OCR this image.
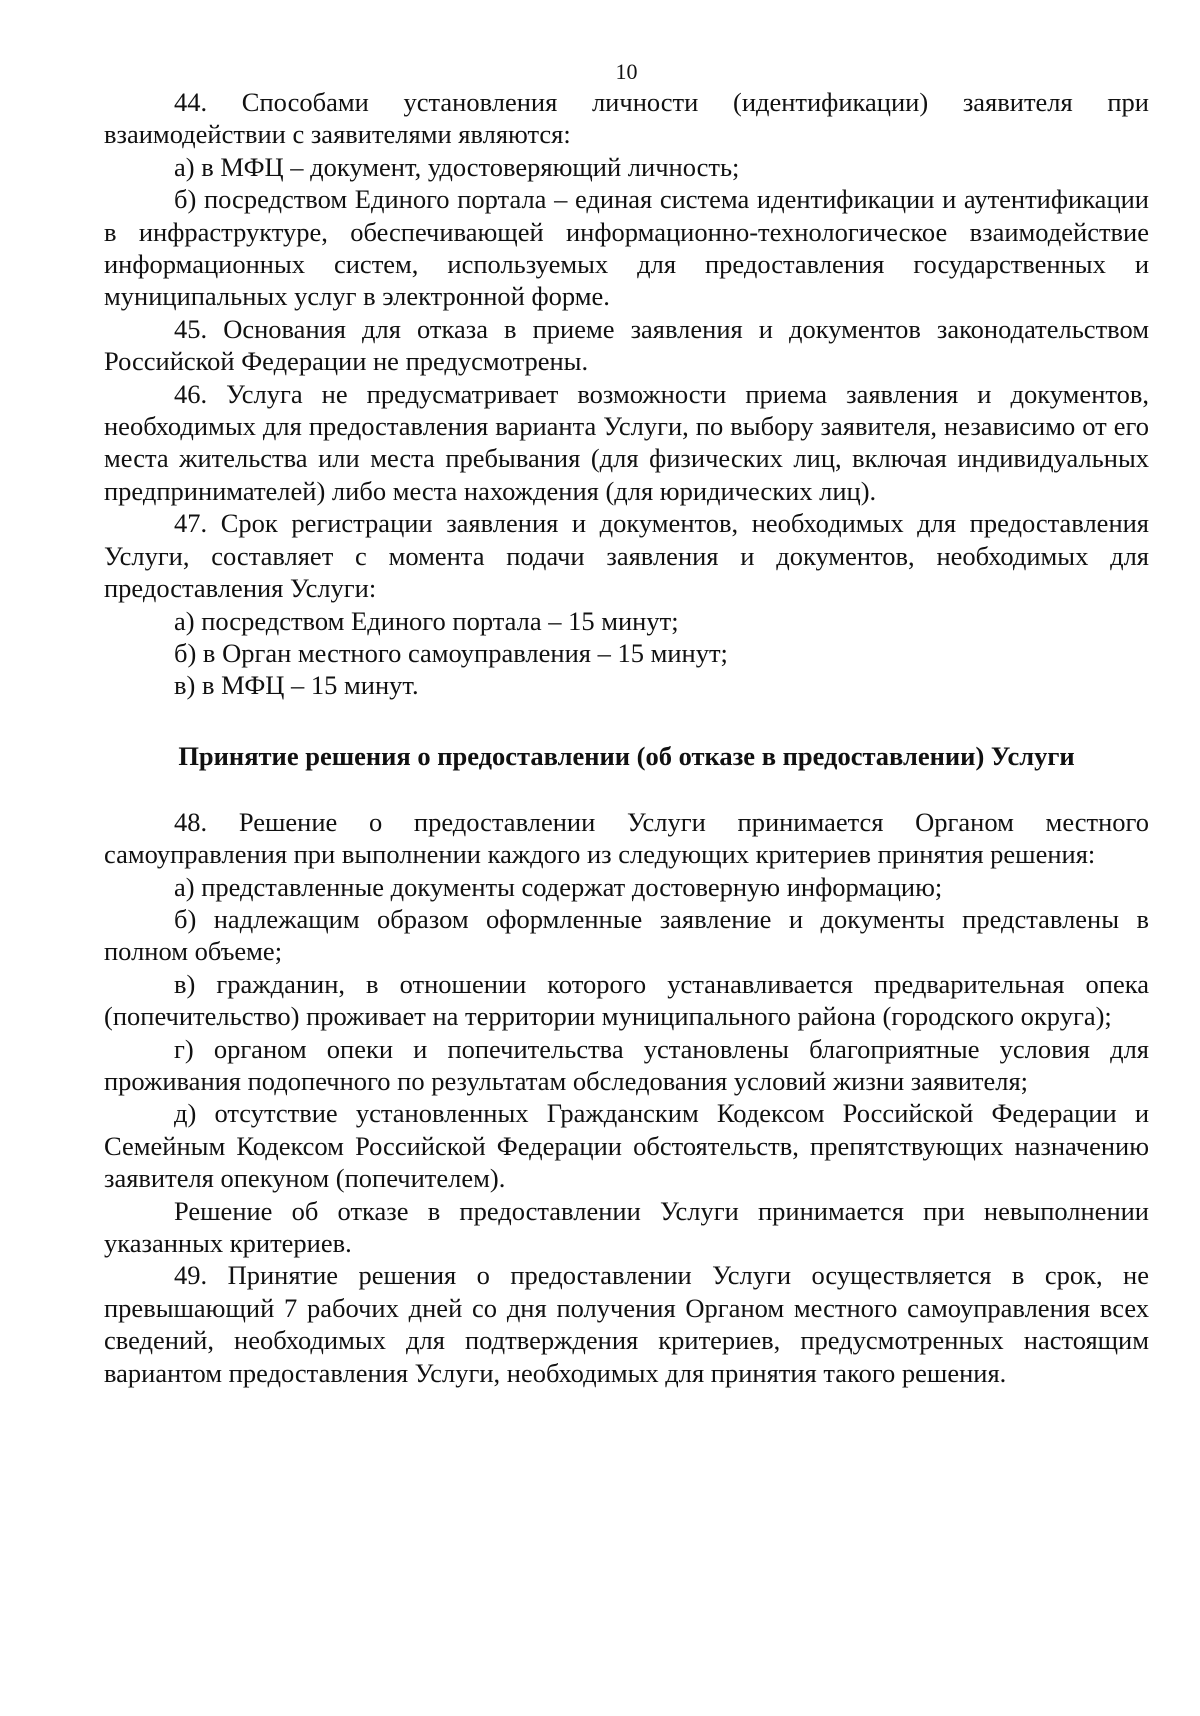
10

44. Способами установления личности (идентификации) заявителя при взаимодействии с заявителями являются:

а) в МФЦ – документ, удостоверяющий личность;

б) посредством Единого портала – единая система идентификации и аутентификации в инфраструктуре, обеспечивающей информационно-технологическое взаимодействие информационных систем, используемых для предоставления государственных и муниципальных услуг в электронной форме.

45. Основания для отказа в приеме заявления и документов законодательством Российской Федерации не предусмотрены.

46. Услуга не предусматривает возможности приема заявления и документов, необходимых для предоставления варианта Услуги, по выбору заявителя, независимо от его места жительства или места пребывания (для физических лиц, включая индивидуальных предпринимателей) либо места нахождения (для юридических лиц).

47. Срок регистрации заявления и документов, необходимых для предоставления Услуги, составляет с момента подачи заявления и документов, необходимых для предоставления Услуги:

а) посредством Единого портала – 15 минут;

б) в Орган местного самоуправления – 15 минут;

в) в МФЦ – 15 минут.

Принятие решения о предоставлении (об отказе в предоставлении) Услуги

48. Решение о предоставлении Услуги принимается Органом местного самоуправления при выполнении каждого из следующих критериев принятия решения:

а) представленные документы содержат достоверную информацию;

б) надлежащим образом оформленные заявление и документы представлены в полном объеме;

в) гражданин, в отношении которого устанавливается предварительная опека (попечительство) проживает на территории муниципального района (городского округа);

г) органом опеки и попечительства установлены благоприятные условия для проживания подопечного по результатам обследования условий жизни заявителя;

д) отсутствие установленных Гражданским Кодексом Российской Федерации и Семейным Кодексом Российской Федерации обстоятельств, препятствующих назначению заявителя опекуном (попечителем).

Решение об отказе в предоставлении Услуги принимается при невыполнении указанных критериев.

49. Принятие решения о предоставлении Услуги осуществляется в срок, не превышающий 7 рабочих дней со дня получения Органом местного самоуправления всех сведений, необходимых для подтверждения критериев, предусмотренных настоящим вариантом предоставления Услуги, необходимых для принятия такого решения.
